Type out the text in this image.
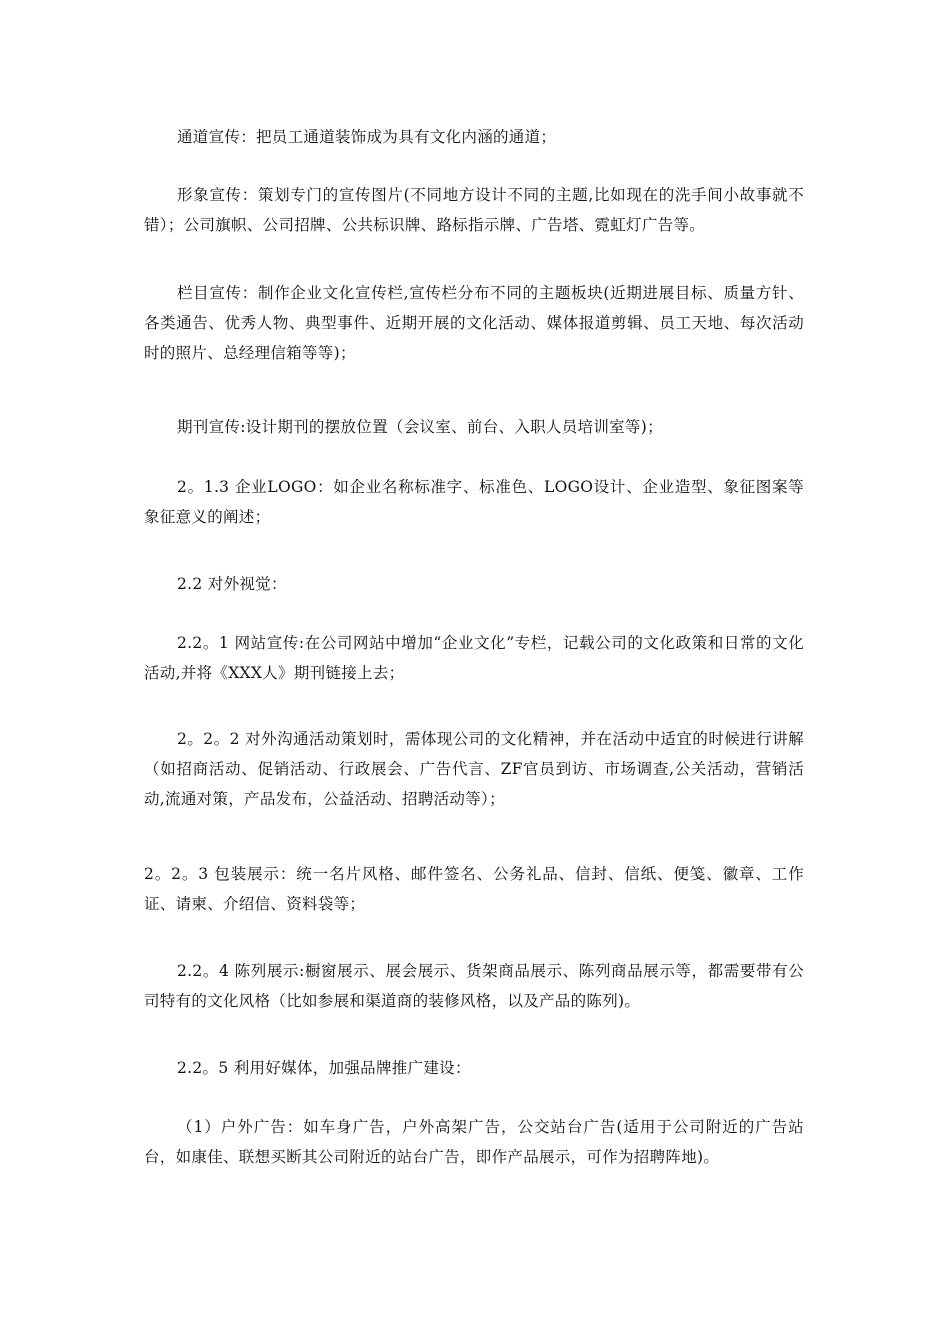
通道宣传：把员工通道装饰成为具有文化内涵的通道；

形象宣传：策划专门的宣传图片(不同地方设计不同的主题,比如现在的洗手间小故事就不错）；公司旗帜、公司招牌、公共标识牌、路标指示牌、广告塔、霓虹灯广告等。

栏目宣传：制作企业文化宣传栏,宣传栏分布不同的主题板块(近期进展目标、质量方针、各类通告、优秀人物、典型事件、近期开展的文化活动、媒体报道剪辑、员工天地、每次活动时的照片、总经理信箱等等)；

期刊宣传:设计期刊的摆放位置（会议室、前台、入职人员培训室等)；

2。1.3 企业LOGO：如企业名称标准字、标准色、LOGO设计、企业造型、象征图案等象征意义的阐述；

2.2 对外视觉：

2.2。1 网站宣传:在公司网站中增加“企业文化”专栏，记载公司的文化政策和日常的文化活动,并将《XXX人》期刊链接上去；

2。2。2 对外沟通活动策划时，需体现公司的文化精神，并在活动中适宜的时候进行讲解（如招商活动、促销活动、行政展会、广告代言、ZF官员到访、市场调查,公关活动，营销活动,流通对策，产品发布，公益活动、招聘活动等）；

2。2。3 包装展示：统一名片风格、邮件签名、公务礼品、信封、信纸、便笺、徽章、工作证、请柬、介绍信、资料袋等；

2.2。4 陈列展示:橱窗展示、展会展示、货架商品展示、陈列商品展示等，都需要带有公司特有的文化风格（比如参展和渠道商的装修风格，以及产品的陈列)。

2.2。5 利用好媒体，加强品牌推广建设：

（1）户外广告：如车身广告，户外高架广告，公交站台广告(适用于公司附近的广告站台，如康佳、联想买断其公司附近的站台广告，即作产品展示，可作为招聘阵地)。
